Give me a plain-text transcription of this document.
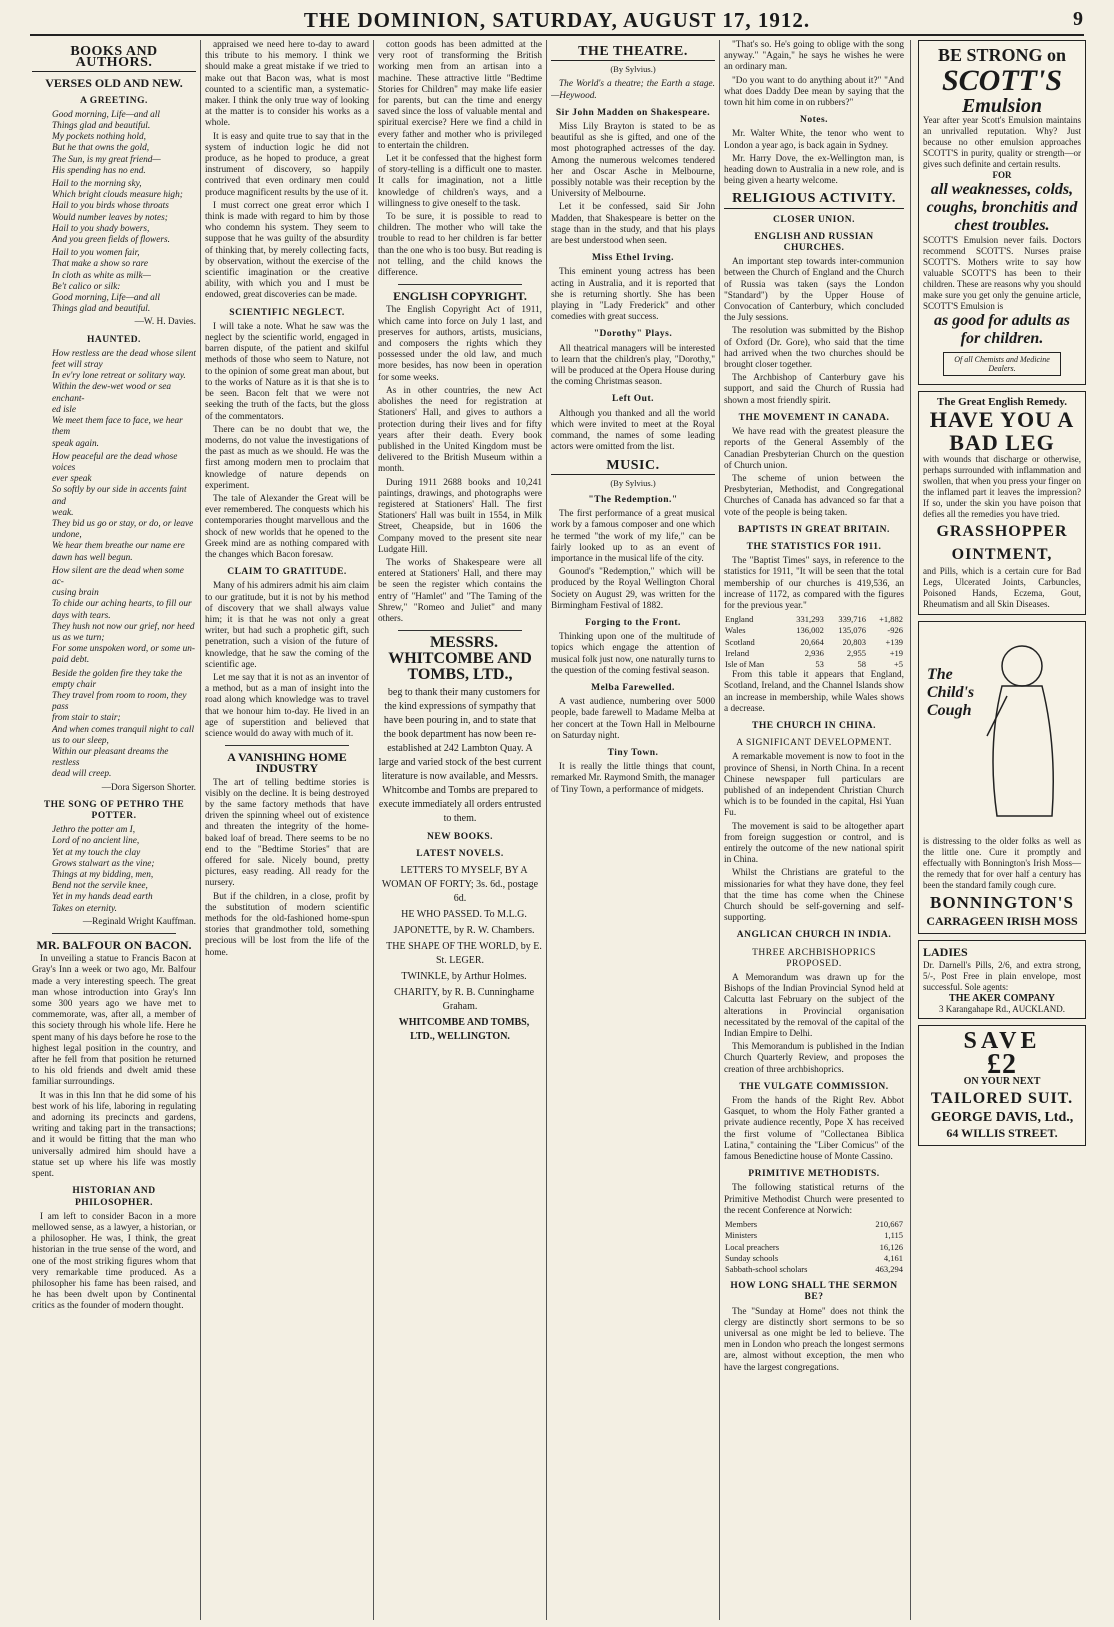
THE DOMINION, SATURDAY, AUGUST 17, 1912.	9
BOOKS AND AUTHORS.
VERSES OLD AND NEW.
A GREETING.
Good morning, Life—and all
Things glad and beautiful.
My pockets nothing hold,
But he that owns the gold,
The Sun, is my great friend—
His spending has no end.
Hail to the morning sky,
Which bright clouds measure high;
Hail to you birds whose throats
Would number leaves by notes;
Hail to you shady bowers,
And you green fields of flowers.
Hail to you women fair,
That make a show so rare
In cloth as white as milk—
Be't calico or silk:
Good morning, Life—and all
Things glad and beautiful.

—W. H. Davies.

HAUNTED.
How restless are the dead whose silent
feet will stray
In ev'ry lone retreat or solitary way.
Within the dew-wet wood or sea enchant-
ed isle
We meet them face to face, we hear them
speak again.
How peaceful are the dead whose voices
ever speak
So softly by our side in accents faint and
weak.
They bid us go or stay, or do, or leave
undone,
We hear them breathe our name ere
dawn has well begun.
How silent are the dead when some ac-
cusing brain
To chide our aching hearts, to fill our
days with tears.
They hush not now our grief, nor heed
us as we turn;
For some unspoken word, or some un-
paid debt.
Beside the golden fire they take the
empty chair
They travel from room to room, they pass
from stair to stair;
And when comes tranquil night to call
us to our sleep,
Within our pleasant dreams the restless
dead will creep.

—Dora Sigerson Shorter.

THE SONG OF PETHRO THE POTTER.
Jethro the potter am I,
Lord of no ancient line,
Yet at my touch the clay
Grows stalwart as the vine;
Things at my bidding, men,
Bend not the servile knee,
Yet in my hands dead earth
Takes on eternity.

—Reginald Wright Kauffman.

MR. BALFOUR ON BACON.

In unveiling a statue to Francis Bacon at Gray's Inn a week or two ago, Mr. Balfour made a very interesting speech. The great man whose introduction into Gray's Inn some 300 years ago we have met to commemorate, was, after all, a member of this society through his whole life. Here he spent many of his days before he rose to the highest legal position in the country, and after he fell from that position he returned to his old friends and dwelt amid these familiar surroundings.

It was in this Inn that he did some of his best work of his life, laboring in regulating and adorning its precincts and gardens, writing and taking part in the transactions; and it would be fitting that the man who universally admired him should have a statue set up where his life was mostly spent.

HISTORIAN AND PHILOSOPHER.

I am left to consider Bacon in a more mellowed sense, as a lawyer, a historian, or a philosopher. He was, I think, the great historian in the true sense of the word, and one of the most striking figures whom that very remarkable time produced. As a philosopher his fame has been raised, and he has been dwelt upon by Continental critics as the founder of modern thought.

appraised we need here to-day to award this tribute to his memory. I think we should make a great mistake if we tried to make out that Bacon was, what is most counted to a scientific man, a systematic-maker. I think the only true way of looking at the matter is to consider his works as a whole.

It is easy and quite true to say that in the system of induction logic he did not produce, as he hoped to produce, a great instrument of discovery, so happily contrived that even ordinary men could produce magnificent results by the use of it.

I must correct one great error which I think is made with regard to him by those who condemn his system. They seem to suppose that he was guilty of the absurdity of thinking that, by merely collecting facts, by observation, without the exercise of the scientific imagination or the creative ability, with which you and I must be endowed, great discoveries can be made.

SCIENTIFIC NEGLECT.

I will take a note. What he saw was the neglect by the scientific world, engaged in barren dispute, of the patient and skilful methods of those who seem to Nature, not to the opinion of some great man about, but to the works of Nature as it is that she is to be seen. Bacon felt that we were not seeking the truth of the facts, but the gloss of the commentators.

There can be no doubt that we, the moderns, do not value the investigations of the past as much as we should. He was the first among modern men to proclaim that knowledge of nature depends on experiment.

The tale of Alexander the Great will be ever remembered. The conquests which his contemporaries thought marvellous and the shock of new worlds that he opened to the Greek mind are as nothing compared with the changes which Bacon foresaw.

CLAIM TO GRATITUDE.

Many of his admirers admit his aim claim to our gratitude, but it is not by his method of discovery that we shall always value him; it is that he was not only a great writer, but had such a prophetic gift, such penetration, such a vision of the future of knowledge, that he saw the coming of the scientific age.

Let me say that it is not as an inventor of a method, but as a man of insight into the road along which knowledge was to travel that we honour him to-day. He lived in an age of superstition and believed that science would do away with much of it.

A VANISHING HOME INDUSTRY

The art of telling bedtime stories is visibly on the decline. It is being destroyed by the same factory methods that have driven the spinning wheel out of existence and threaten the integrity of the home-baked loaf of bread. There seems to be no end to the "Bedtime Stories" that are offered for sale. Nicely bound, pretty pictures, easy reading. All ready for the nursery.

But if the children, in a close, profit by the substitution of modern scientific methods for the old-fashioned home-spun stories that grandmother told, something precious will be lost from the life of the home.

cotton goods has been admitted at the very root of transforming the British working men from an artisan into a machine. These attractive little "Bedtime Stories for Children" may make life easier for parents, but can the time and energy saved since the loss of valuable mental and spiritual exercise? Here we find a child in every father and mother who is privileged to entertain the children.

Let it be confessed that the highest form of story-telling is a difficult one to master. It calls for imagination, not a little knowledge of children's ways, and a willingness to give oneself to the task.

To be sure, it is possible to read to children. The mother who will take the trouble to read to her children is far better than the one who is too busy. But reading is not telling, and the child knows the difference.

ENGLISH COPYRIGHT.

The English Copyright Act of 1911, which came into force on July 1 last, and preserves for authors, artists, musicians, and composers the rights which they possessed under the old law, and much more besides, has now been in operation for some weeks.

As in other countries, the new Act abolishes the need for registration at Stationers' Hall, and gives to authors a protection during their lives and for fifty years after their death. Every book published in the United Kingdom must be delivered to the British Museum within a month.

During 1911 2688 books and 10,241 paintings, drawings, and photographs were registered at Stationers' Hall. The first Stationers' Hall was built in 1554, in Milk Street, Cheapside, but in 1606 the Company moved to the present site near Ludgate Hill.

The works of Shakespeare were all entered at Stationers' Hall, and there may be seen the register which contains the entry of "Hamlet" and "The Taming of the Shrew," "Romeo and Juliet" and many others.

MESSRS. WHITCOMBE AND TOMBS, LTD.,

beg to thank their many customers for the kind expressions of sympathy that have been pouring in, and to state that the book department has now been re-established at 242 Lambton Quay. A large and varied stock of the best current literature is now available, and Messrs. Whitcombe and Tombs are prepared to execute immediately all orders entrusted to them.

NEW BOOKS.
LATEST NOVELS.

LETTERS TO MYSELF, BY A WOMAN OF FORTY; 3s. 6d., postage 6d.

HE WHO PASSED. To M.L.G.

JAPONETTE, by R. W. Chambers.

THE SHAPE OF THE WORLD, by E. St. LEGER.

TWINKLE, by Arthur Holmes.

CHARITY, by R. B. Cunninghame Graham.

WHITCOMBE AND TOMBS, LTD., WELLINGTON.

THE THEATRE.
(By Sylvius.)

The World's a theatre; the Earth a stage.—Heywood.

Sir John Madden on Shakespeare.

Miss Lily Brayton is stated to be as beautiful as she is gifted, and one of the most photographed actresses of the day. Among the numerous welcomes tendered her and Oscar Asche in Melbourne, possibly notable was their reception by the University of Melbourne.

Let it be confessed, said Sir John Madden, that Shakespeare is better on the stage than in the study, and that his plays are best understood when seen.

Miss Ethel Irving.

This eminent young actress has been acting in Australia, and it is reported that she is returning shortly. She has been playing in "Lady Frederick" and other comedies with great success.

"Dorothy" Plays.

All theatrical managers will be interested to learn that the children's play, "Dorothy," will be produced at the Opera House during the coming Christmas season.

Left Out.

Although you thanked and all the world which were invited to meet at the Royal command, the names of some leading actors were omitted from the list.

MUSIC.
(By Sylvius.)
"The Redemption."

The first performance of a great musical work by a famous composer and one which he termed "the work of my life," can be fairly looked up to as an event of importance in the musical life of the city.

Gounod's "Redemption," which will be produced by the Royal Wellington Choral Society on August 29, was written for the Birmingham Festival of 1882.

Forging to the Front.

Thinking upon one of the multitude of topics which engage the attention of musical folk just now, one naturally turns to the question of the coming festival season.

Melba Farewelled.

A vast audience, numbering over 5000 people, bade farewell to Madame Melba at her concert at the Town Hall in Melbourne on Saturday night.

Tiny Town.

It is really the little things that count, remarked Mr. Raymond Smith, the manager of Tiny Town, a performance of midgets.

"That's so. He's going to oblige with the song anyway." "Again," he says he wishes he were an ordinary man.

"Do you want to do anything about it?" "And what does Daddy Dee mean by saying that the town hit him come in on rubbers?"

Notes.

Mr. Walter White, the tenor who went to London a year ago, is back again in Sydney.

Mr. Harry Dove, the ex-Wellington man, is heading down to Australia in a new role, and is being given a hearty welcome.

RELIGIOUS ACTIVITY.
CLOSER UNION.
ENGLISH AND RUSSIAN CHURCHES.

An important step towards inter-communion between the Church of England and the Church of Russia was taken (says the London "Standard") by the Upper House of Convocation of Canterbury, which concluded the July sessions.

The resolution was submitted by the Bishop of Oxford (Dr. Gore), who said that the time had arrived when the two churches should be brought closer together.

The Archbishop of Canterbury gave his support, and said the Church of Russia had shown a most friendly spirit.

THE MOVEMENT IN CANADA.

We have read with the greatest pleasure the reports of the General Assembly of the Canadian Presbyterian Church on the question of Church union.

The scheme of union between the Presbyterian, Methodist, and Congregational Churches of Canada has advanced so far that a vote of the people is being taken.

BAPTISTS IN GREAT BRITAIN.
THE STATISTICS FOR 1911.

The "Baptist Times" says, in reference to the statistics for 1911, "It will be seen that the total membership of our churches is 419,536, an increase of 1172, as compared with the figures for the previous year."

England	331,293	339,716	+1,882
Wales	136,002	135,076	-926
Scotland	20,664	20,803	+139
Ireland	2,936	2,955	+19
Isle of Man	53	58	+5

From this table it appears that England, Scotland, Ireland, and the Channel Islands show an increase in membership, while Wales shows a decrease.

THE CHURCH IN CHINA.
A SIGNIFICANT DEVELOPMENT.

A remarkable movement is now to foot in the province of Shensi, in North China. In a recent Chinese newspaper full particulars are published of an independent Christian Church which is to be founded in the capital, Hsi Yuan Fu.

The movement is said to be altogether apart from foreign suggestion or control, and is entirely the outcome of the new national spirit in China.

Whilst the Christians are grateful to the missionaries for what they have done, they feel that the time has come when the Chinese Church should be self-governing and self-supporting.

ANGLICAN CHURCH IN INDIA.
THREE ARCHBISHOPRICS PROPOSED.

A Memorandum was drawn up for the Bishops of the Indian Provincial Synod held at Calcutta last February on the subject of the alterations in Provincial organisation necessitated by the removal of the capital of the Indian Empire to Delhi.

This Memorandum is published in the Indian Church Quarterly Review, and proposes the creation of three archbishoprics.

THE VULGATE COMMISSION.

From the hands of the Right Rev. Abbot Gasquet, to whom the Holy Father granted a private audience recently, Pope X has received the first volume of "Collectanea Biblica Latina," containing the "Liber Comicus" of the famous Benedictine house of Monte Cassino.

PRIMITIVE METHODISTS.

The following statistical returns of the Primitive Methodist Church were presented to the recent Conference at Norwich:

Members	210,667
Ministers	1,115
Local preachers	16,126
Sunday schools	4,161
Sabbath-school scholars	463,294
HOW LONG SHALL THE SERMON BE?

The "Sunday at Home" does not think the clergy are distinctly short sermons to be so universal as one might be led to believe. The men in London who preach the longest sermons are, almost without exception, the men who have the largest congregations.

BE STRONG on
SCOTT'S
Emulsion
Year after year Scott's Emulsion maintains an unrivalled reputation. Why? Just because no other emulsion approaches SCOTT'S in purity, quality or strength—or gives such definite and certain results.
FOR
all weaknesses, colds, coughs, bronchitis and chest troubles.
SCOTT'S Emulsion never fails. Doctors recommend SCOTT'S. Nurses praise SCOTT'S. Mothers write to say how valuable SCOTT'S has been to their children. These are reasons why you should make sure you get only the genuine article, SCOTT'S Emulsion is
as good for adults as for children.
Of all Chemists and Medicine Dealers.
The Great English Remedy.
HAVE YOU A BAD LEG
with wounds that discharge or otherwise, perhaps surrounded with inflammation and swollen, that when you press your finger on the inflamed part it leaves the impression? If so, under the skin you have poison that defies all the remedies you have tried.
GRASSHOPPER OINTMENT,
and Pills, which is a certain cure for Bad Legs, Ulcerated Joints, Carbuncles, Poisoned Hands, Eczema, Gout, Rheumatism and all Skin Diseases.
The Child's Cough
is distressing to the older folks as well as the little one. Cure it promptly and effectually with Bonnington's Irish Moss—the remedy that for over half a century has been the standard family cough cure.
BONNINGTON'S
CARRAGEEN IRISH MOSS
LADIES
Dr. Darnell's Pills, 2/6, and extra strong, 5/-, Post Free in plain envelope, most successful. Sole agents:
THE AKER COMPANY
3 Karangahape Rd., AUCKLAND.
SAVE
£2
ON YOUR NEXT
TAILORED SUIT.
GEORGE DAVIS, Ltd.,
64 WILLIS STREET.
